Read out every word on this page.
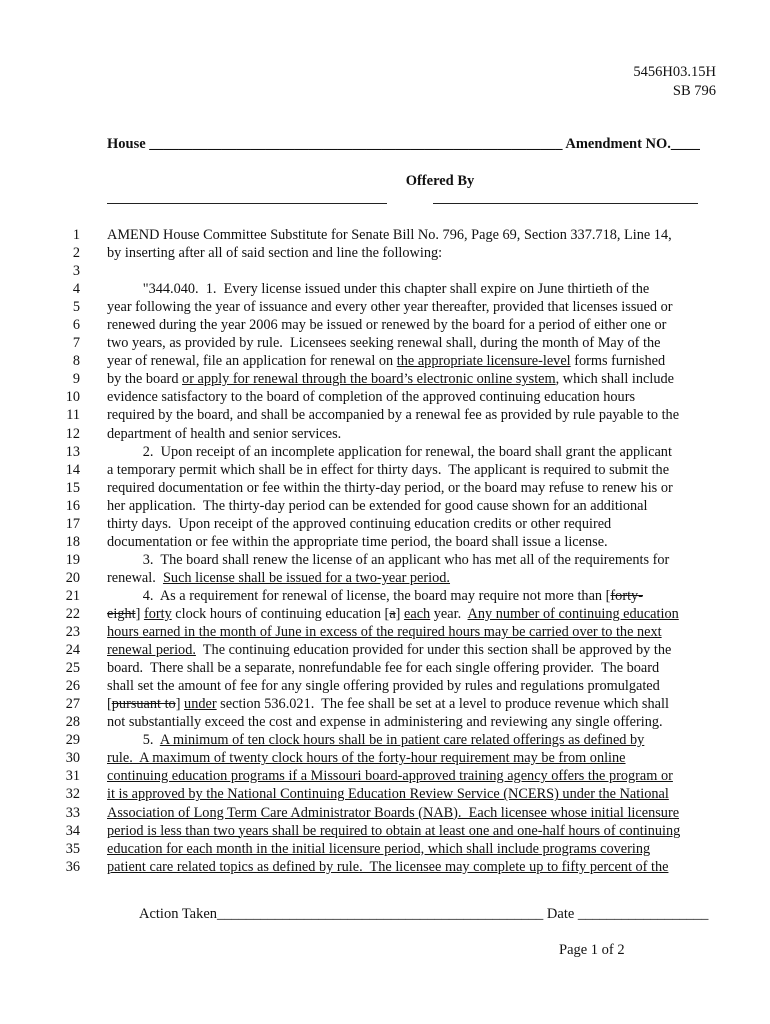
5456H03.15H
SB 796
House _________________________________________________________ Amendment NO.____
Offered By
1 AMEND House Committee Substitute for Senate Bill No. 796, Page 69, Section 337.718, Line 14,
2 by inserting after all of said section and line the following:
3
4 "344.040.  1.  Every license issued under this chapter shall expire on June thirtieth of the
5 year following the year of issuance and every other year thereafter, provided that licenses issued or
6 renewed during the year 2006 may be issued or renewed by the board for a period of either one or
7 two years, as provided by rule.  Licensees seeking renewal shall, during the month of May of the
8 year of renewal, file an application for renewal on the appropriate licensure-level forms furnished
9 by the board or apply for renewal through the board’s electronic online system, which shall include
10 evidence satisfactory to the board of completion of the approved continuing education hours
11 required by the board, and shall be accompanied by a renewal fee as provided by rule payable to the
12 department of health and senior services.
13 2.  Upon receipt of an incomplete application for renewal, the board shall grant the applicant
14 a temporary permit which shall be in effect for thirty days.  The applicant is required to submit the
15 required documentation or fee within the thirty-day period, or the board may refuse to renew his or
16 her application.  The thirty-day period can be extended for good cause shown for an additional
17 thirty days.  Upon receipt of the approved continuing education credits or other required
18 documentation or fee within the appropriate time period, the board shall issue a license.
19 3.  The board shall renew the license of an applicant who has met all of the requirements for
20 renewal.  Such license shall be issued for a two-year period.
21 4.  As a requirement for renewal of license, the board may require not more than [forty-
22 eight] forty clock hours of continuing education [a] each year.  Any number of continuing education
23 hours earned in the month of June in excess of the required hours may be carried over to the next
24 renewal period.  The continuing education provided for under this section shall be approved by the
25 board.  There shall be a separate, nonrefundable fee for each single offering provider.  The board
26 shall set the amount of fee for any single offering provided by rules and regulations promulgated
27 [pursuant to] under section 536.021.  The fee shall be set at a level to produce revenue which shall
28 not substantially exceed the cost and expense in administering and reviewing any single offering.
29 5.  A minimum of ten clock hours shall be in patient care related offerings as defined by
30 rule.  A maximum of twenty clock hours of the forty-hour requirement may be from online
31 continuing education programs if a Missouri board-approved training agency offers the program or
32 it is approved by the National Continuing Education Review Service (NCERS) under the National
33 Association of Long Term Care Administrator Boards (NAB).  Each licensee whose initial licensure
34 period is less than two years shall be required to obtain at least one and one-half hours of continuing
35 education for each month in the initial licensure period, which shall include programs covering
36 patient care related topics as defined by rule.  The licensee may complete up to fifty percent of the
Action Taken_____________________________________________ Date __________________
Page 1 of 2
